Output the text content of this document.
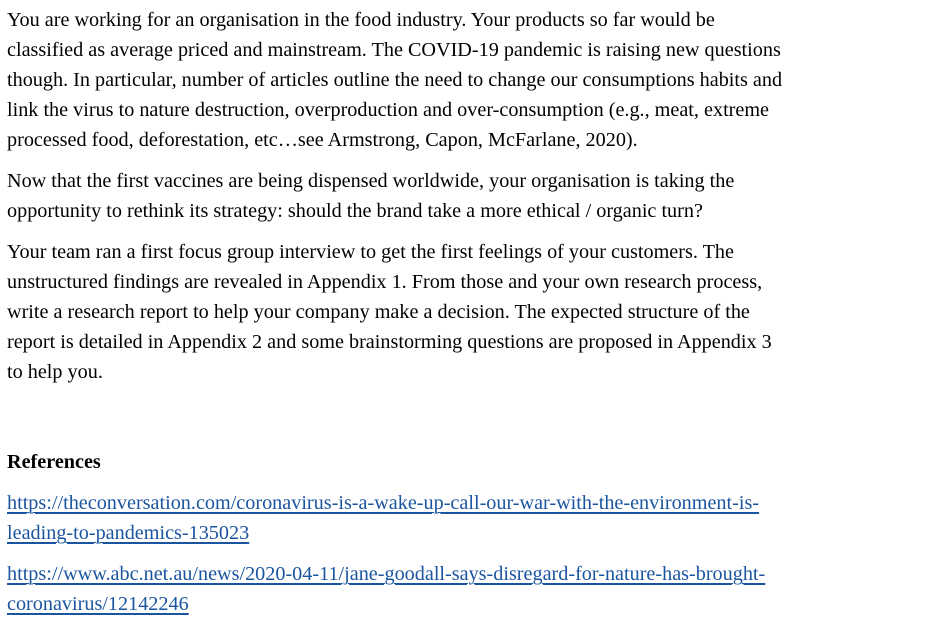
You are working for an organisation in the food industry. Your products so far would be
classified as average priced and mainstream. The COVID-19 pandemic is raising new questions
though. In particular, number of articles outline the need to change our consumptions habits and
link the virus to nature destruction, overproduction and over-consumption (e.g., meat, extreme
processed food, deforestation, etc…see Armstrong, Capon, McFarlane, 2020).

Now that the first vaccines are being dispensed worldwide, your organisation is taking the
opportunity to rethink its strategy: should the brand take a more ethical / organic turn?

Your team ran a first focus group interview to get the first feelings of your customers. The
unstructured findings are revealed in Appendix 1. From those and your own research process,
write a research report to help your company make a decision. The expected structure of the
report is detailed in Appendix 2 and some brainstorming questions are proposed in Appendix 3
to help you.

References

https://theconversation.com/coronavirus-is-a-wake-up-call-our-war-with-the-environment-is-
leading-to-pandemics-135023

https://www.abc.net.au/news/2020-04-11/jane-goodall-says-disregard-for-nature-has-brought-
coronavirus/12142246
